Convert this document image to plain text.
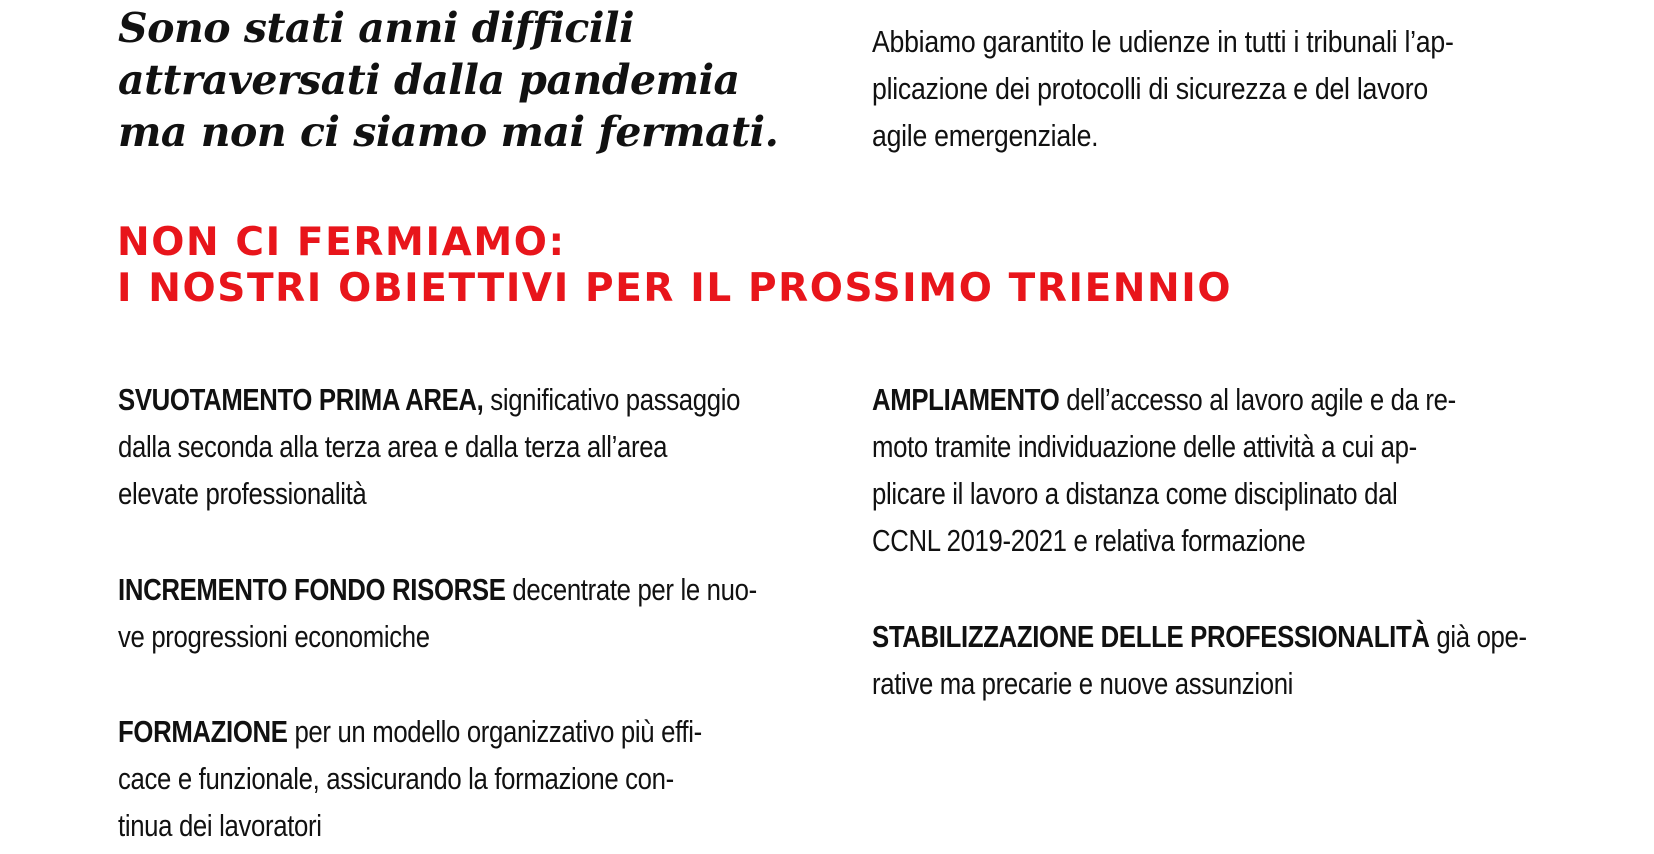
Sono stati anni difficili
attraversati dalla pandemia
ma non ci siamo mai fermati.
Abbiamo garantito le udienze in tutti i tribunali l’ap-
plicazione dei protocolli di sicurezza e del lavoro
agile emergenziale.
NON CI FERMIAMO:
I NOSTRI OBIETTIVI PER IL PROSSIMO TRIENNIO
SVUOTAMENTO PRIMA AREA, significativo passaggio
dalla seconda alla terza area e dalla terza all’area
elevate professionalità
INCREMENTO FONDO RISORSE decentrate per le nuo-
ve progressioni economiche
FORMAZIONE per un modello organizzativo più effi-
cace e funzionale, assicurando la formazione con-
tinua dei lavoratori
AMPLIAMENTO dell’accesso al lavoro agile e da re-
moto tramite individuazione delle attività a cui ap-
plicare il lavoro a distanza come disciplinato dal
CCNL 2019-2021 e relativa formazione
STABILIZZAZIONE DELLE PROFESSIONALITÀ già ope-
rative ma precarie e nuove assunzioni
